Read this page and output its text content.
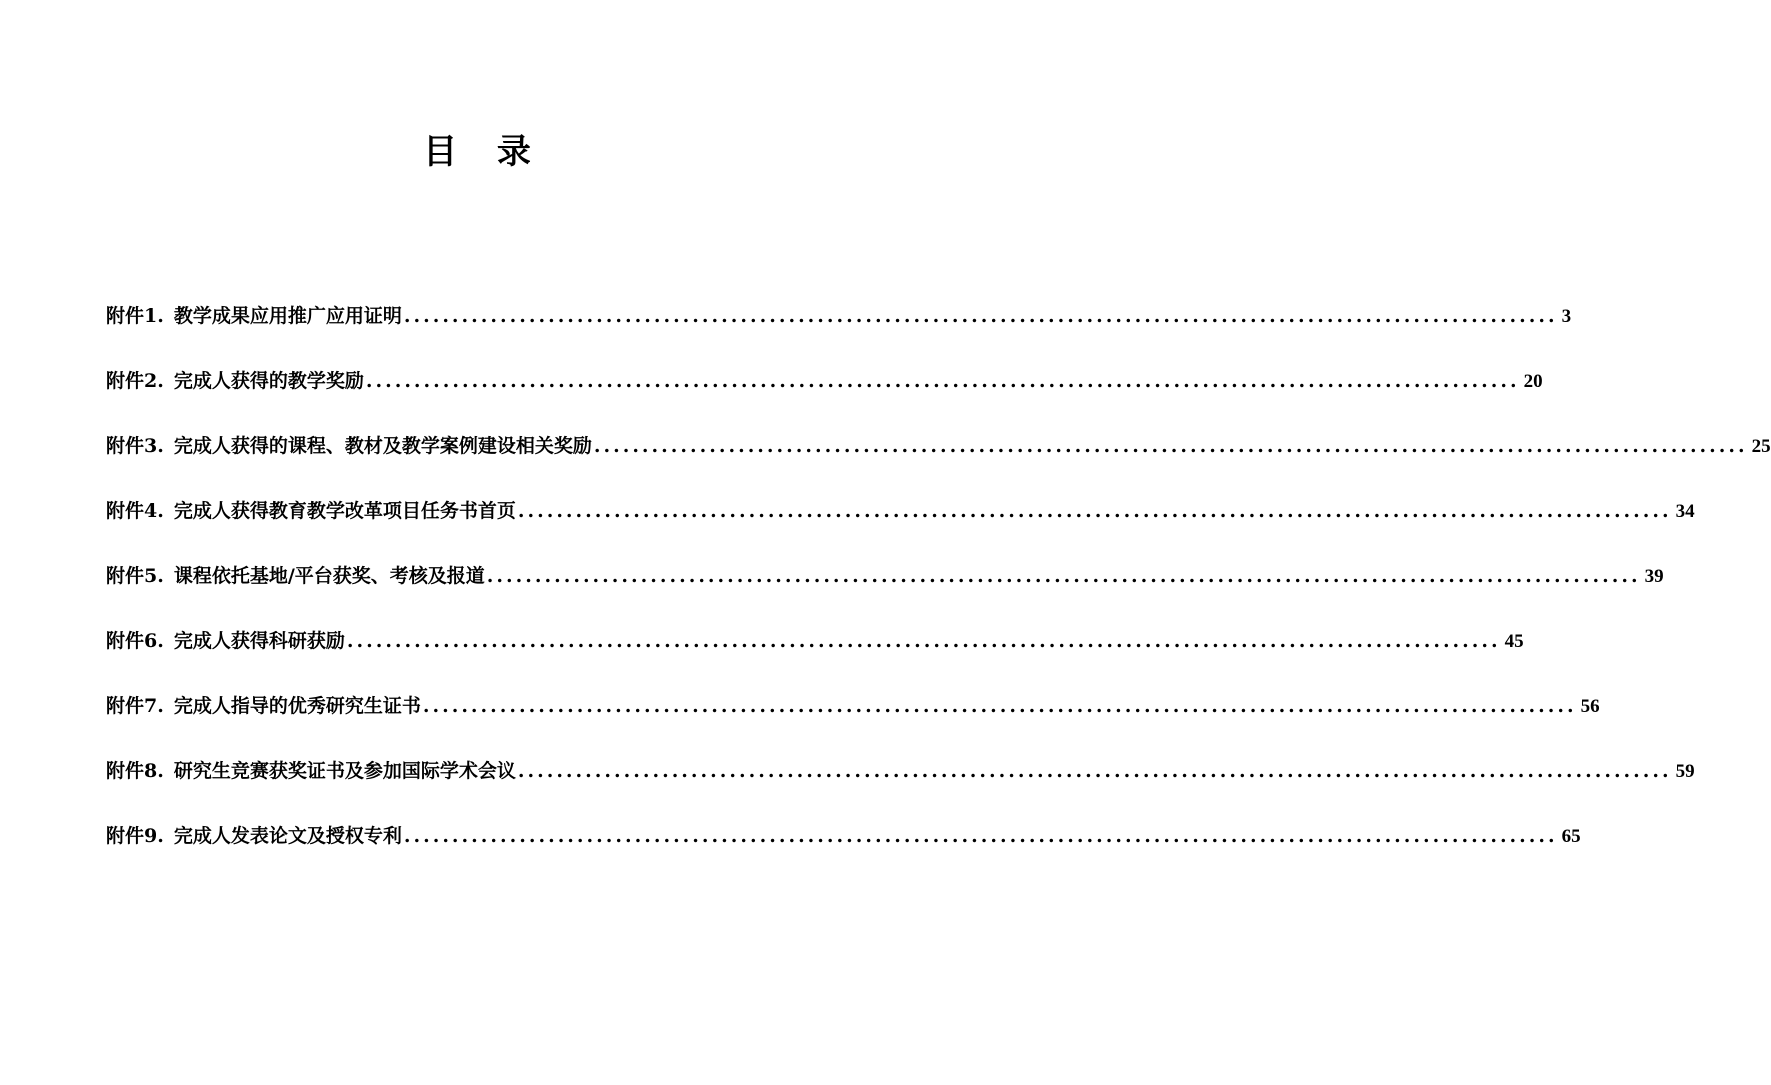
目 录
附件1. 教学成果应用推广应用证明 ........................................................................................................................ 3
附件2. 完成人获得的教学奖励 ........................................................................................................................ 20
附件3. 完成人获得的课程、教材及教学案例建设相关奖励 ........................................................................................................................ 25
附件4. 完成人获得教育教学改革项目任务书首页 ........................................................................................................................ 34
附件5. 课程依托基地/平台获奖、考核及报道 ........................................................................................................................ 39
附件6. 完成人获得科研获励 ........................................................................................................................ 45
附件7. 完成人指导的优秀研究生证书 ........................................................................................................................ 56
附件8. 研究生竞赛获奖证书及参加国际学术会议 ........................................................................................................................ 59
附件9. 完成人发表论文及授权专利 ........................................................................................................................ 65
